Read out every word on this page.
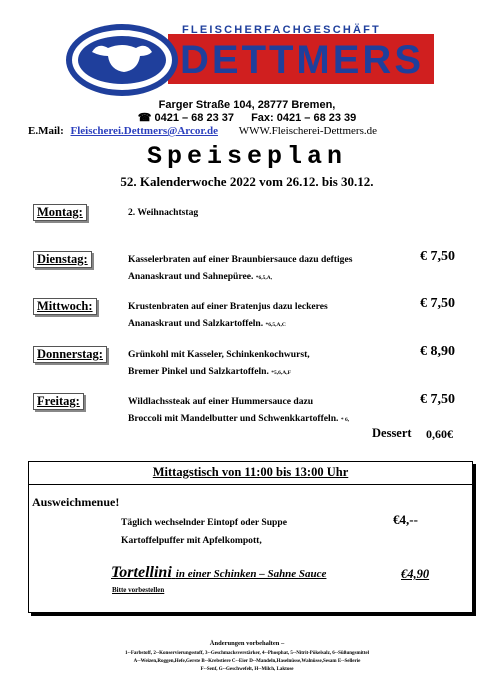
FLEISCHERFACHGESCHÄFT
DETTMERS
Farger Straße 104, 28777 Bremen,
☎ 0421 – 68 23 37 Fax: 0421 – 68 23 39
E.Mail: Fleischerei.Dettmers@Arcor.de WWW.Fleischerei-Dettmers.de
Speiseplan
52. Kalenderwoche 2022 vom 26.12. bis 30.12.
Montag:	2. Weihnachtstag
Dienstag:	Kasselerbraten auf einer Braunbiersauce dazu deftiges
Ananaskraut und Sahnepüree. *6,5,A,
€ 7,50
Mittwoch:	Krustenbraten auf einer Bratenjus dazu leckeres
Ananaskraut und Salzkartoffeln. *6,5,A,C
€ 7,50
Donnerstag:	Grünkohl mit Kasseler, Schinkenkochwurst,
Bremer Pinkel und Salzkartoffeln. *5,6,A,F
€ 8,90
Freitag:	Wildlachssteak auf einer Hummersauce dazu
Broccoli mit Mandelbutter und Schwenkkartoffeln. * 6,
€ 7,50
Dessert 0,60€
Mittagstisch von 11:00 bis 13:00 Uhr
Ausweichmenue!
Täglich wechselnder Eintopf oder Suppe
Kartoffelpuffer mit Apfelkompott,
€4,--
Tortellini in einer Schinken – Sahne Sauce	€4,90
Bitte vorbestellen
Änderungen vorbehalten –
1--Farbstoff, 2--Konservierungsstoff, 3--Geschmacksverstärker, 4--Phosphat, 5--Nitrit-Pökelsalz, 6--Süßungsmittel
A--Weizen,Roggen,Hefe,Gerste B--Krebstiere C--Eier D--Mandeln,Haselnüsse,Walnüsse,Sesam E--Sellerie
F--Senf, G--Geschwefelt, H--Milch, Laktose
